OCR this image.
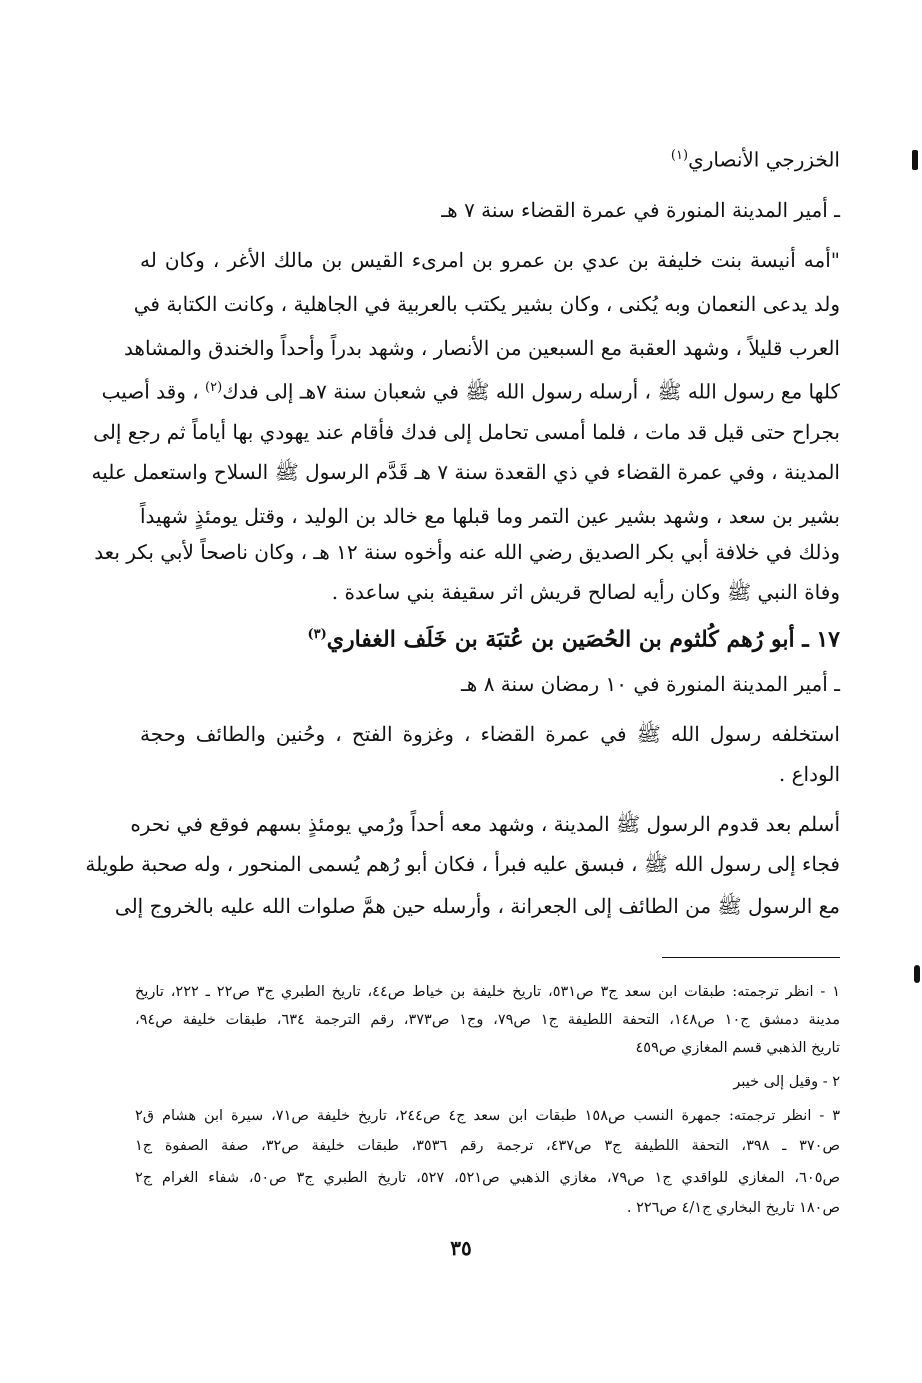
الخزرجي الأنصاري$^{(١)}$
ـ أمير المدينة المنورة في عمرة القضاء سنة ٧ هـ
"أمه أنيسة بنت خليفة بن عدي بن عمرو بن امرىء القيس بن مالك الأغر ، وكان له
ولد يدعى النعمان وبه يُكنى ، وكان بشير يكتب بالعربية في الجاهلية ، وكانت الكتابة في
العرب قليلاً ، وشهد العقبة مع السبعين من الأنصار ، وشهد بدراً وأحداً والخندق والمشاهد
كلها مع رسول الله ﷺ ، أرسله رسول الله ﷺ في شعبان سنة ٧هـ إلى فدك$^{(٢)}$ ، وقد أصيب
بجراح حتى قيل قد مات ، فلما أمسى تحامل إلى فدك فأقام عند يهودي بها أياماً ثم رجع إلى
المدينة ، وفي عمرة القضاء في ذي القعدة سنة ٧ هـ قَدَّم الرسول ﷺ السلاح واستعمل عليه
بشير بن سعد ، وشهد بشير عين التمر وما قبلها مع خالد بن الوليد ، وقتل يومئذٍ شهيداً
وذلك في خلافة أبي بكر الصديق رضي الله عنه وأخوه سنة ١٢ هـ ، وكان ناصحاً لأبي بكر بعد
وفاة النبي ﷺ وكان رأيه لصالح قريش اثر سقيفة بني ساعدة .
١٧ ـ أبو رُهم كُلثوم بن الحُصَين بن عُتبَة بن خَلَف الغفاري$^{(٣)}$
ـ أمير المدينة المنورة في ١٠ رمضان سنة ٨ هـ
استخلفه رسول الله ﷺ في عمرة القضاء ، وغزوة الفتح ، وحُنين والطائف وحجة
الوداع .
أسلم بعد قدوم الرسول ﷺ المدينة ، وشهد معه أحداً ورُمي يومئذٍ بسهم فوقع في نحره
فجاء إلى رسول الله ﷺ ، فبسق عليه فبرأ ، فكان أبو رُهم يُسمى المنحور ، وله صحبة طويلة
مع الرسول ﷺ من الطائف إلى الجعرانة ، وأرسله حين همَّ صلوات الله عليه بالخروج إلى
١ - انظر ترجمته: طبقات ابن سعد ج٣ ص٥٣١، تاريخ خليفة بن خياط ص٤٤، تاريخ الطبري ج٣ ص٢٢ ـ ٢٢٢، تاريخ
مدينة دمشق ج١٠ ص١٤٨، التحفة اللطيفة ج١ ص٧٩، وج١ ص٣٧٣، رقم الترجمة ٦٣٤، طبقات خليفة ص٩٤،
تاريخ الذهبي قسم المغازي ص٤٥٩
٢ - وقيل إلى خيبر
٣ - انظر ترجمته: جمهرة النسب ص١٥٨ طبقات ابن سعد ج٤ ص٢٤٤، تاريخ خليفة ص٧١، سيرة ابن هشام ق٢
ص٣٧٠ ـ ٣٩٨، التحفة اللطيفة ج٣ ص٤٣٧، ترجمة رقم ٣٥٣٦، طبقات خليفة ص٣٢، صفة الصفوة ج١
ص٦٠٥، المغازي للواقدي ج١ ص٧٩، مغازي الذهبي ص٥٢١، ٥٢٧، تاريخ الطبري ج٣ ص٥٠، شفاء الغرام ج٢
ص١٨٠ تاريخ البخاري ج٤/١ ص٢٢٦ .
٣٥
